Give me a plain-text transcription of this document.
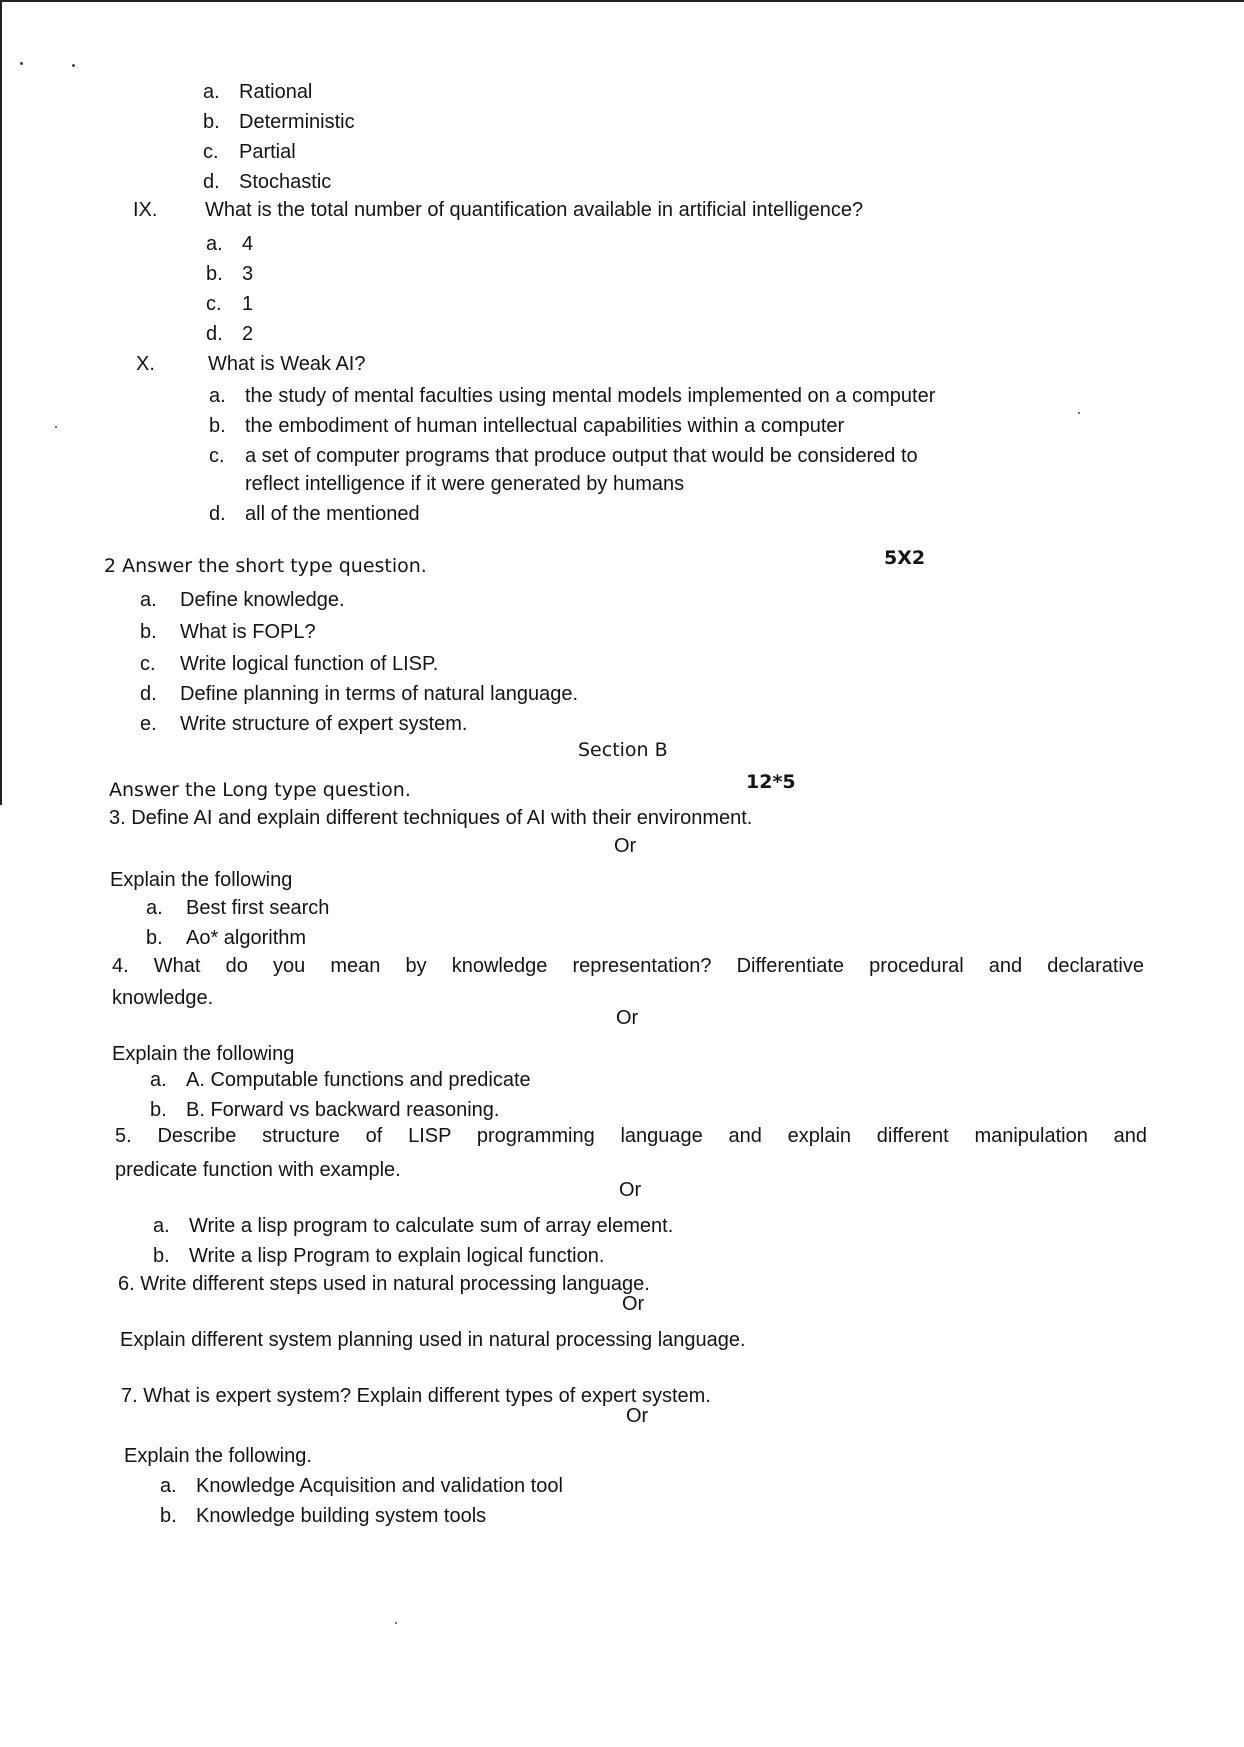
a. Rational
b. Deterministic
c. Partial
d. Stochastic
IX. What is the total number of quantification available in artificial intelligence?
a. 4
b. 3
c. 1
d. 2
X.	What is Weak AI?
a. the study of mental faculties using mental models implemented on a computer
b. the embodiment of human intellectual capabilities within a computer
c. a set of computer programs that produce output that would be considered to
reflect intelligence if it were generated by humans
d. all of the mentioned
2 Answer the short type question.	5X2
a. Define knowledge.
b. What is FOPL?
c. Write logical function of LISP.
d. Define planning in terms of natural language.
e. Write structure of expert system.
Section B
Answer the Long type question.	12*5
3. Define AI and explain different techniques of AI with their environment.
Or
Explain the following
a. Best first search
b. Ao* algorithm
4. What do you mean by knowledge representation? Differentiate procedural and declarative
knowledge.
Or
Explain the following
a. A. Computable functions and predicate
b. B. Forward vs backward reasoning.
5. Describe structure of LISP programming language and explain different manipulation and
predicate function with example.
Or
a. Write a lisp program to calculate sum of array element.
b. Write a lisp Program to explain logical function.
6. Write different steps used in natural processing language.
Or
Explain different system planning used in natural processing language.
7. What is expert system? Explain different types of expert system.
Or
Explain the following.
a. Knowledge Acquisition and validation tool
b. Knowledge building system tools
